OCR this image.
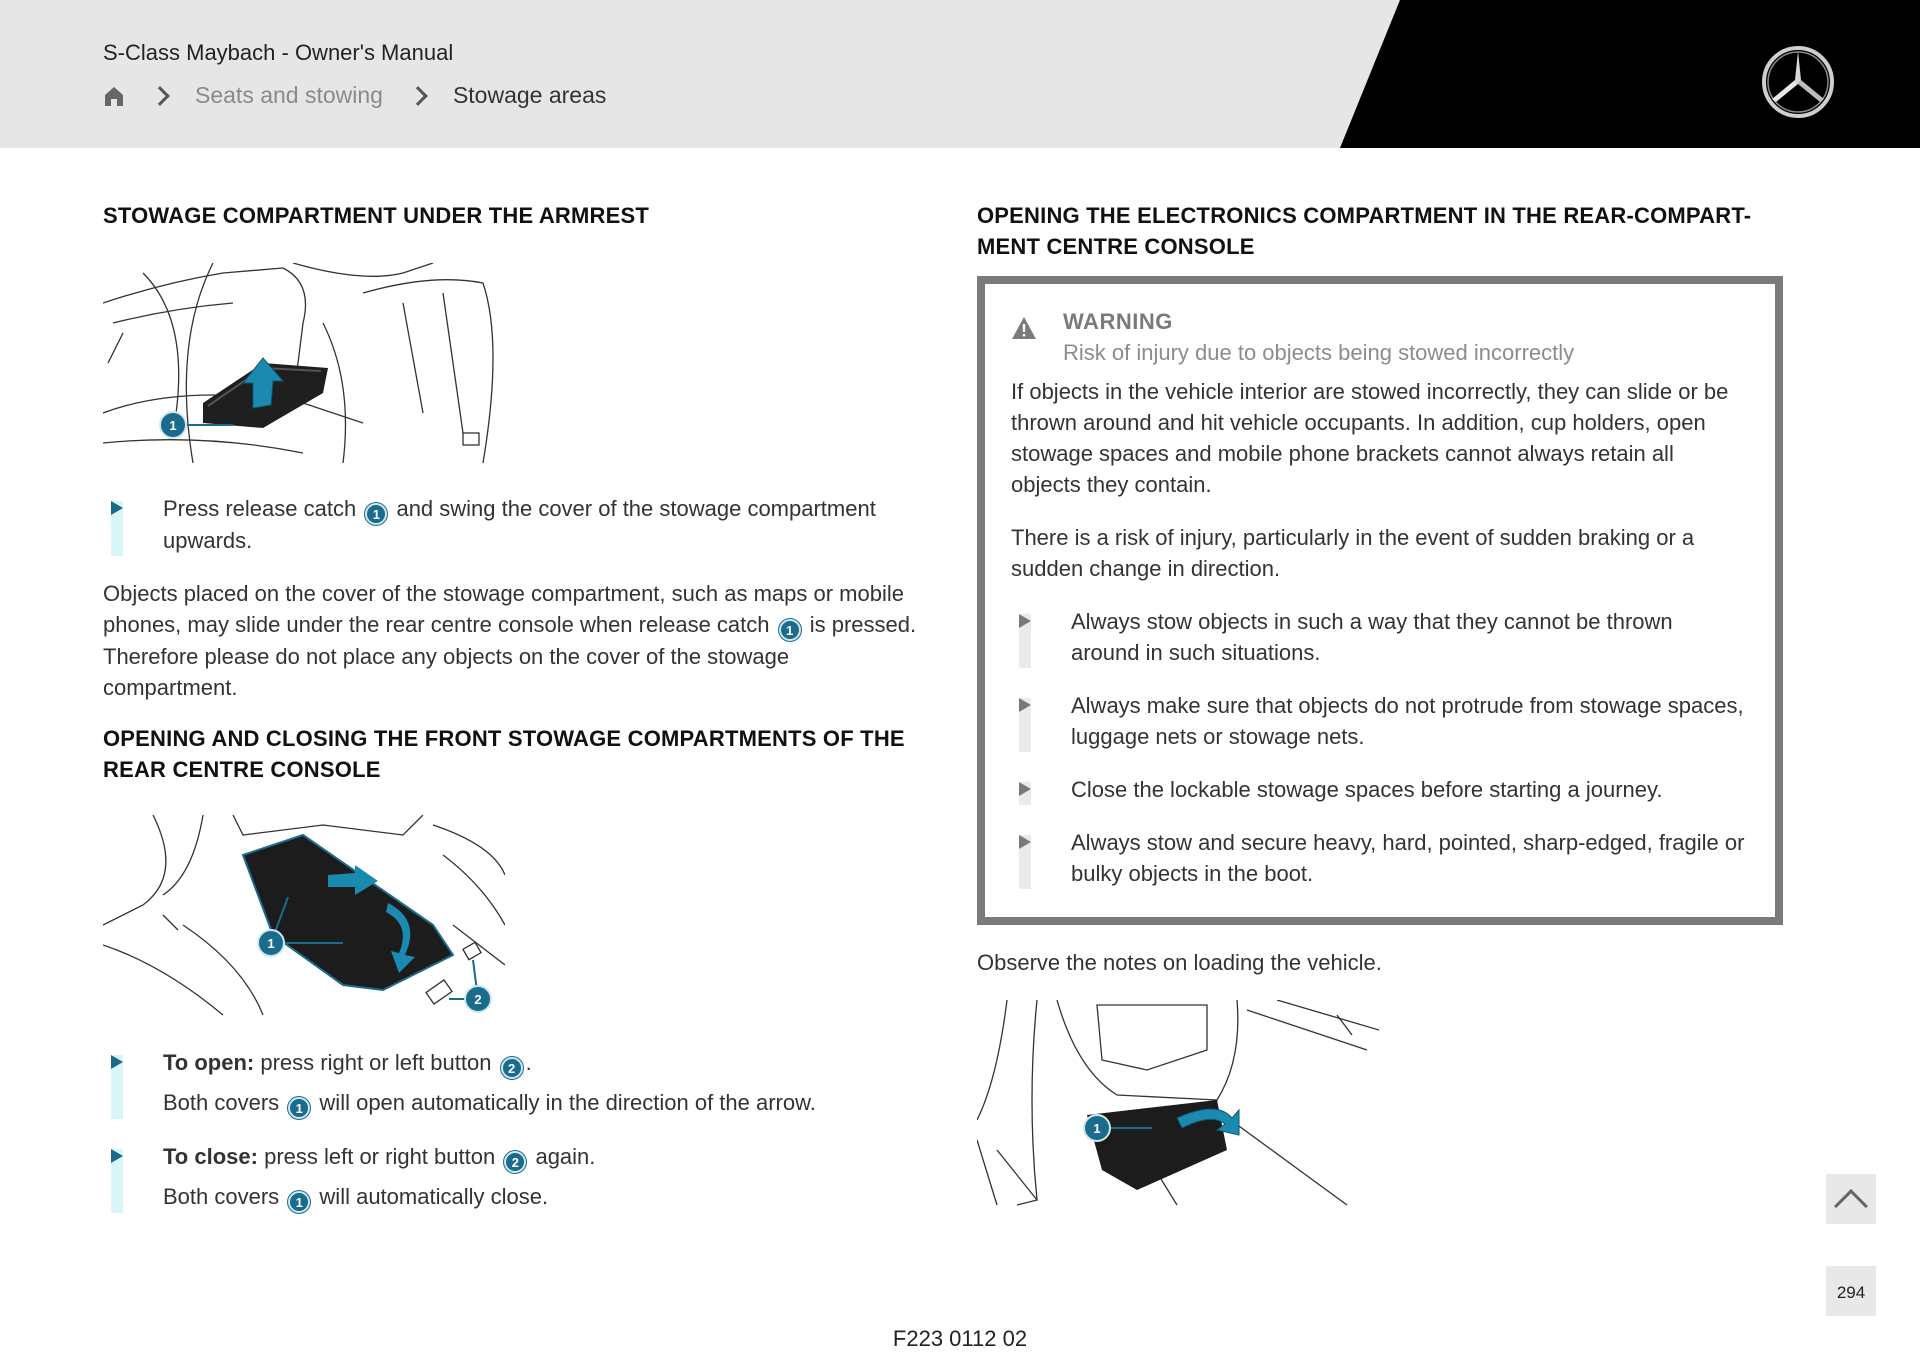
S-Class Maybach - Owner's Manual
Seats and stowing	Stowage areas
STOWAGE COMPARTMENT UNDER THE ARMREST
1
Press release catch 1 and swing the cover of the stowage compartment upwards.

Objects placed on the cover of the stowage compartment, such as maps or mobile phones, may slide under the rear centre console when release catch 1 is pressed. Therefore please do not place any objects on the cover of the stowage compartment.

OPENING AND CLOSING THE FRONT STOWAGE COMPARTMENTS OF THE REAR CENTRE CONSOLE
1
2
To open: press right or left button 2 .
Both covers 1 will open automatically in the direction of the arrow.
To close: press left or right button 2 again.
Both covers 1 will automatically close.
OPENING THE ELECTRONICS COMPARTMENT IN THE REAR-COMPART-MENT CENTRE CONSOLE
WARNING
Risk of injury due to objects being stowed incorrectly

If objects in the vehicle interior are stowed incorrectly, they can slide or be thrown around and hit vehicle occupants. In addition, cup holders, open stowage spaces and mobile phone brackets cannot always retain all objects they contain.

There is a risk of injury, particularly in the event of sudden braking or a sudden change in direction.

Always stow objects in such a way that they cannot be thrown around in such situations.
Always make sure that objects do not protrude from stowage spaces, luggage nets or stowage nets.
Close the lockable stowage spaces before starting a journey.
Always stow and secure heavy, hard, pointed, sharp-edged, fragile or bulky objects in the boot.

Observe the notes on loading the vehicle.

1
294
F223 0112 02
